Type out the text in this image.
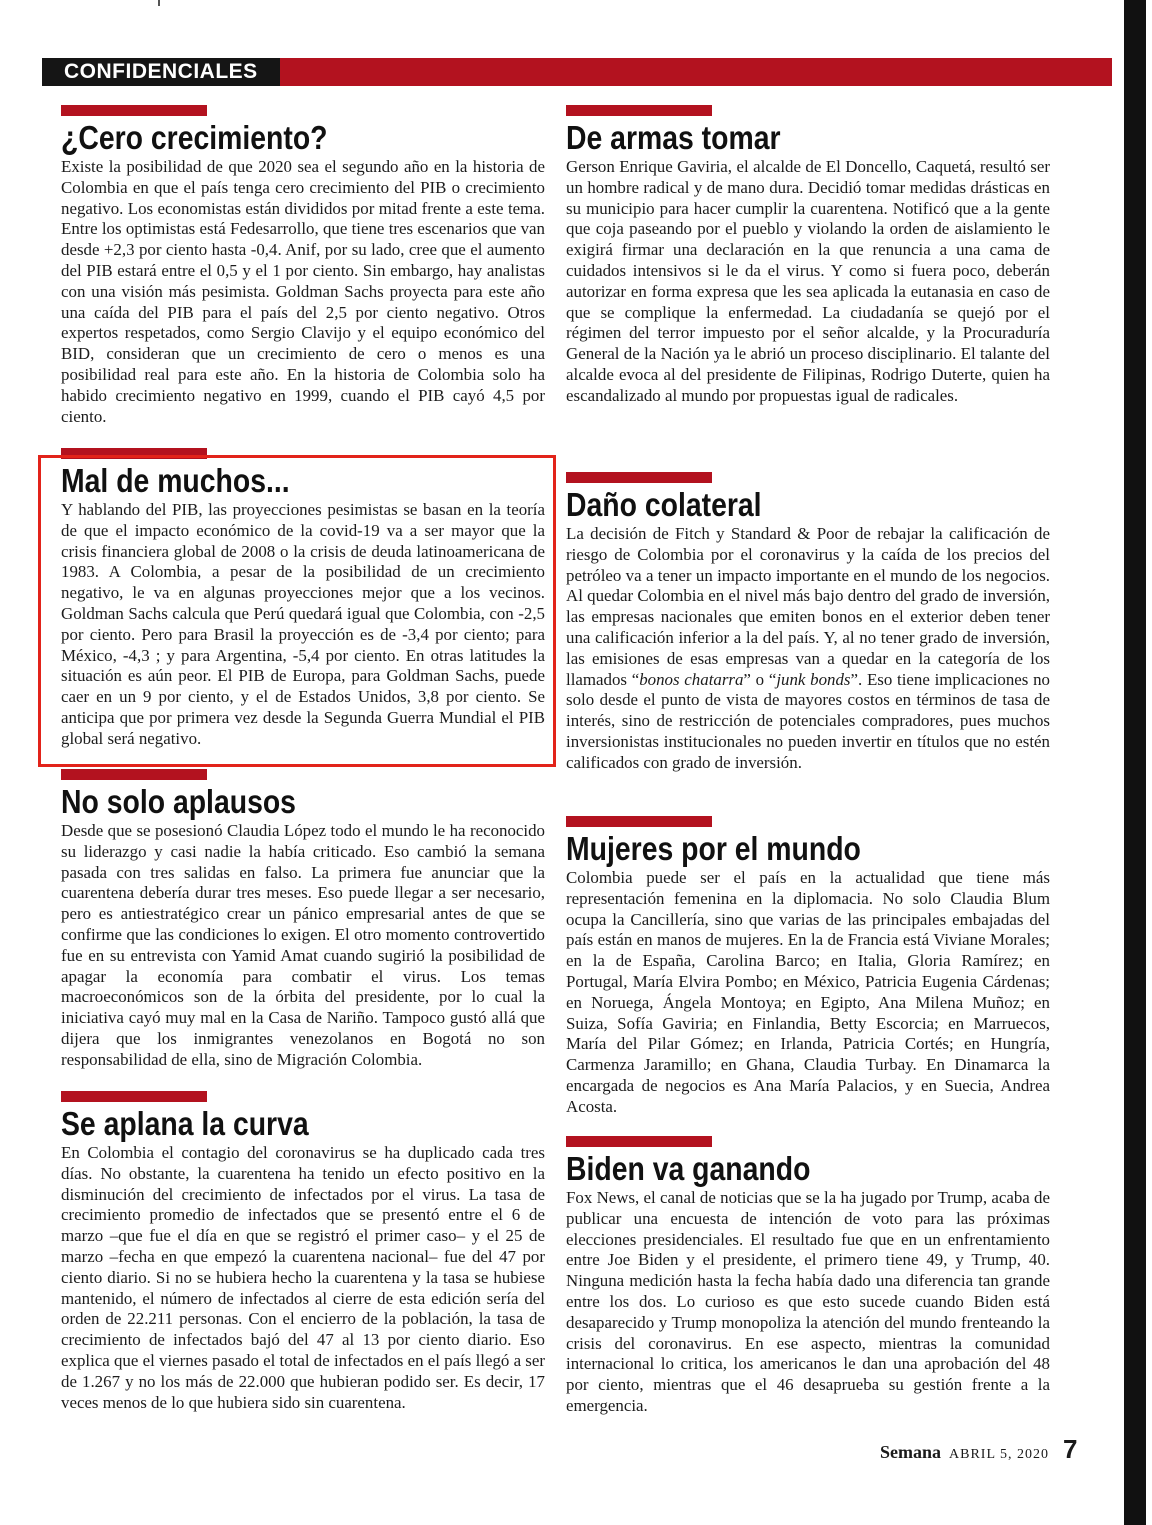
CONFIDENCIALES
¿Cero crecimiento?

Existe la posibilidad de que 2020 sea el segundo año en la historia de Colombia en que el país tenga cero crecimiento del PIB o crecimiento negativo. Los economistas están divididos por mitad frente a este tema. Entre los optimistas está Fedesarrollo, que tiene tres escenarios que van desde +2,3 por ciento hasta -0,4. Anif, por su lado, cree que el aumento del PIB estará entre el 0,5 y el 1 por ciento. Sin embargo, hay analistas con una visión más pesimista. Goldman Sachs proyecta para este año una caída del PIB para el país del 2,5 por ciento negativo. Otros expertos respetados, como Sergio Clavijo y el equipo económico del BID, consideran que un crecimiento de cero o menos es una posibilidad real para este año. En la historia de Colombia solo ha habido crecimiento negativo en 1999, cuando el PIB cayó 4,5 por ciento.

Mal de muchos...

Y hablando del PIB, las proyecciones pesimistas se basan en la teoría de que el impacto económico de la covid-19 va a ser mayor que la crisis financiera global de 2008 o la crisis de deuda latinoamericana de 1983. A Colombia, a pesar de la posibilidad de un crecimiento negativo, le va en algunas proyecciones mejor que a los vecinos. Goldman Sachs calcula que Perú quedará igual que Colombia, con -2,5 por ciento. Pero para Brasil la proyección es de -3,4 por ciento; para México, -4,3 ; y para Argentina, -5,4 por ciento. En otras latitudes la situación es aún peor. El PIB de Europa, para Goldman Sachs, puede caer en un 9 por ciento, y el de Estados Unidos, 3,8 por ciento. Se anticipa que por primera vez desde la Segunda Guerra Mundial el PIB global será negativo.

No solo aplausos

Desde que se posesionó Claudia López todo el mundo le ha reconocido su liderazgo y casi nadie la había criticado. Eso cambió la semana pasada con tres salidas en falso. La primera fue anunciar que la cuarentena debería durar tres meses. Eso puede llegar a ser necesario, pero es antiestratégico crear un pánico empresarial antes de que se confirme que las condiciones lo exigen. El otro momento controvertido fue en su entrevista con Yamid Amat cuando sugirió la posibilidad de apagar la economía para combatir el virus. Los temas macroeconómicos son de la órbita del presidente, por lo cual la iniciativa cayó muy mal en la Casa de Nariño. Tampoco gustó allá que dijera que los inmigrantes venezolanos en Bogotá no son responsabilidad de ella, sino de Migración Colombia.

Se aplana la curva

En Colombia el contagio del coronavirus se ha duplicado cada tres días. No obstante, la cuarentena ha tenido un efecto positivo en la disminución del crecimiento de infectados por el virus. La tasa de crecimiento promedio de infectados que se presentó entre el 6 de marzo –que fue el día en que se registró el primer caso– y el 25 de marzo –fecha en que empezó la cuarentena nacional– fue del 47 por ciento diario. Si no se hubiera hecho la cuarentena y la tasa se hubiese mantenido, el número de infectados al cierre de esta edición sería del orden de 22.211 personas. Con el encierro de la población, la tasa de crecimiento de infectados bajó del 47 al 13 por ciento diario. Eso explica que el viernes pasado el total de infectados en el país llegó a ser de 1.267 y no los más de 22.000 que hubieran podido ser. Es decir, 17 veces menos de lo que hubiera sido sin cuarentena.

De armas tomar

Gerson Enrique Gaviria, el alcalde de El Doncello, Caquetá, resultó ser un hombre radical y de mano dura. Decidió tomar medidas drásticas en su municipio para hacer cumplir la cuarentena. Notificó que a la gente que coja paseando por el pueblo y violando la orden de aislamiento le exigirá firmar una declaración en la que renuncia a una cama de cuidados intensivos si le da el virus. Y como si fuera poco, deberán autorizar en forma expresa que les sea aplicada la eutanasia en caso de que se complique la enfermedad. La ciudadanía se quejó por el régimen del terror impuesto por el señor alcalde, y la Procuraduría General de la Nación ya le abrió un proceso disciplinario. El talante del alcalde evoca al del presidente de Filipinas, Rodrigo Duterte, quien ha escandalizado al mundo por propuestas igual de radicales.

Daño colateral

La decisión de Fitch y Standard & Poor de rebajar la calificación de riesgo de Colombia por el coronavirus y la caída de los precios del petróleo va a tener un impacto importante en el mundo de los negocios. Al quedar Colombia en el nivel más bajo dentro del grado de inversión, las empresas nacionales que emiten bonos en el exterior deben tener una calificación inferior a la del país. Y, al no tener grado de inversión, las emisiones de esas empresas van a quedar en la categoría de los llamados “bonos chatarra” o “junk bonds”. Eso tiene implicaciones no solo desde el punto de vista de mayores costos en términos de tasa de interés, sino de restricción de potenciales compradores, pues muchos inversionistas institucionales no pueden invertir en títulos que no estén calificados con grado de inversión.

Mujeres por el mundo

Colombia puede ser el país en la actualidad que tiene más representación femenina en la diplomacia. No solo Claudia Blum ocupa la Cancillería, sino que varias de las principales embajadas del país están en manos de mujeres. En la de Francia está Viviane Morales; en la de España, Carolina Barco; en Italia, Gloria Ramírez; en Portugal, María Elvira Pombo; en México, Patricia Eugenia Cárdenas; en Noruega, Ángela Montoya; en Egipto, Ana Milena Muñoz; en Suiza, Sofía Gaviria; en Finlandia, Betty Escorcia; en Marruecos, María del Pilar Gómez; en Irlanda, Patricia Cortés; en Hungría, Carmenza Jaramillo; en Ghana, Claudia Turbay. En Dinamarca la encargada de negocios es Ana María Palacios, y en Suecia, Andrea Acosta.

Biden va ganando

Fox News, el canal de noticias que se la ha jugado por Trump, acaba de publicar una encuesta de intención de voto para las próximas elecciones presidenciales. El resultado fue que en un enfrentamiento entre Joe Biden y el presidente, el primero tiene 49, y Trump, 40. Ninguna medición hasta la fecha había dado una diferencia tan grande entre los dos. Lo curioso es que esto sucede cuando Biden está desaparecido y Trump monopoliza la atención del mundo frenteando la crisis del coronavirus. En ese aspecto, mientras la comunidad internacional lo critica, los americanos le dan una aprobación del 48 por ciento, mientras que el 46 desaprueba su gestión frente a la emergencia.

Semana ABRIL 5, 2020 7
